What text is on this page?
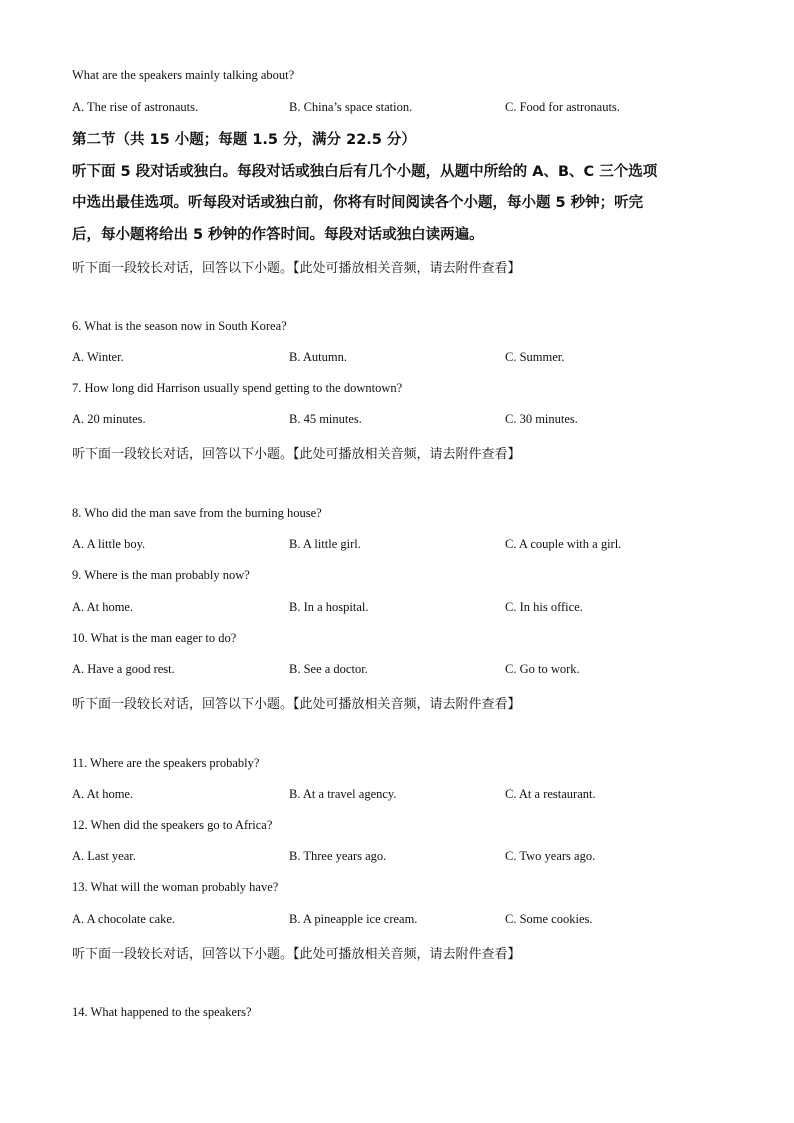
What are the speakers mainly talking about?
A. The rise of astronauts.	B. China’s space station.	C. Food for astronauts.
第二节（共 15 小题；每题 1.5 分，满分 22.5 分）
听下面 5 段对话或独白。每段对话或独白后有几个小题，从题中所给的 A、B、C 三个选项
中选出最佳选项。听每段对话或独白前，你将有时间阅读各个小题，每小题 5 秒钟；听完
后，每小题将给出 5 秒钟的作答时间。每段对话或独白读两遍。
听下面一段较长对话，回答以下小题。【此处可播放相关音频，请去附件查看】
6. What is the season now in South Korea?
A. Winter.	B. Autumn.	C. Summer.
7. How long did Harrison usually spend getting to the downtown?
A. 20 minutes.	B. 45 minutes.	C. 30 minutes.
听下面一段较长对话，回答以下小题。【此处可播放相关音频，请去附件查看】
8. Who did the man save from the burning house?
A. A little boy.	B. A little girl.	C. A couple with a girl.
9. Where is the man probably now?
A. At home.	B. In a hospital.	C. In his office.
10. What is the man eager to do?
A. Have a good rest.	B. See a doctor.	C. Go to work.
听下面一段较长对话，回答以下小题。【此处可播放相关音频，请去附件查看】
11. Where are the speakers probably?
A. At home.	B. At a travel agency.	C. At a restaurant.
12. When did the speakers go to Africa?
A. Last year.	B. Three years ago.	C. Two years ago.
13. What will the woman probably have?
A. A chocolate cake.	B. A pineapple ice cream.	C. Some cookies.
听下面一段较长对话，回答以下小题。【此处可播放相关音频，请去附件查看】
14. What happened to the speakers?
